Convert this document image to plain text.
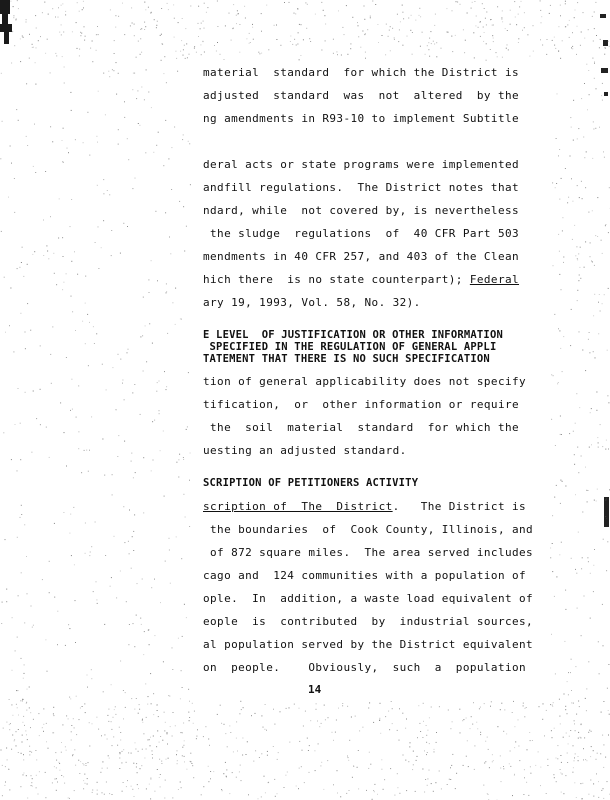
material  standard  for which the District is
adjusted  standard  was  not  altered  by the
ng amendments in R93-10 to implement Subtitle
deral acts or state programs were implemented
andfill regulations.  The District notes that
ndard, while  not covered by, is nevertheless
the sludge  regulations  of  40 CFR Part 503
mendments in 40 CFR 257, and 403 of the Clean
hich there  is no state counterpart); Federal
ary 19, 1993, Vol. 58, No. 32).
E LEVEL  OF JUSTIFICATION OR OTHER INFORMATION
SPECIFIED IN THE REGULATION OF GENERAL APPLI
TATEMENT THAT THERE IS NO SUCH SPECIFICATION
tion of general applicability does not specify
tification,  or  other information or require
the  soil  material  standard  for which the
uesting an adjusted standard.
SCRIPTION OF PETITIONERS ACTIVITY
scription of  The  District.   The District is
the boundaries  of  Cook County, Illinois, and
of 872 square miles.  The area served includes
cago and  124 communities with a population of
ople.  In  addition, a waste load equivalent of
eople  is  contributed  by  industrial sources,
al population served by the District equivalent
on  people.    Obviously,  such  a  population
14
